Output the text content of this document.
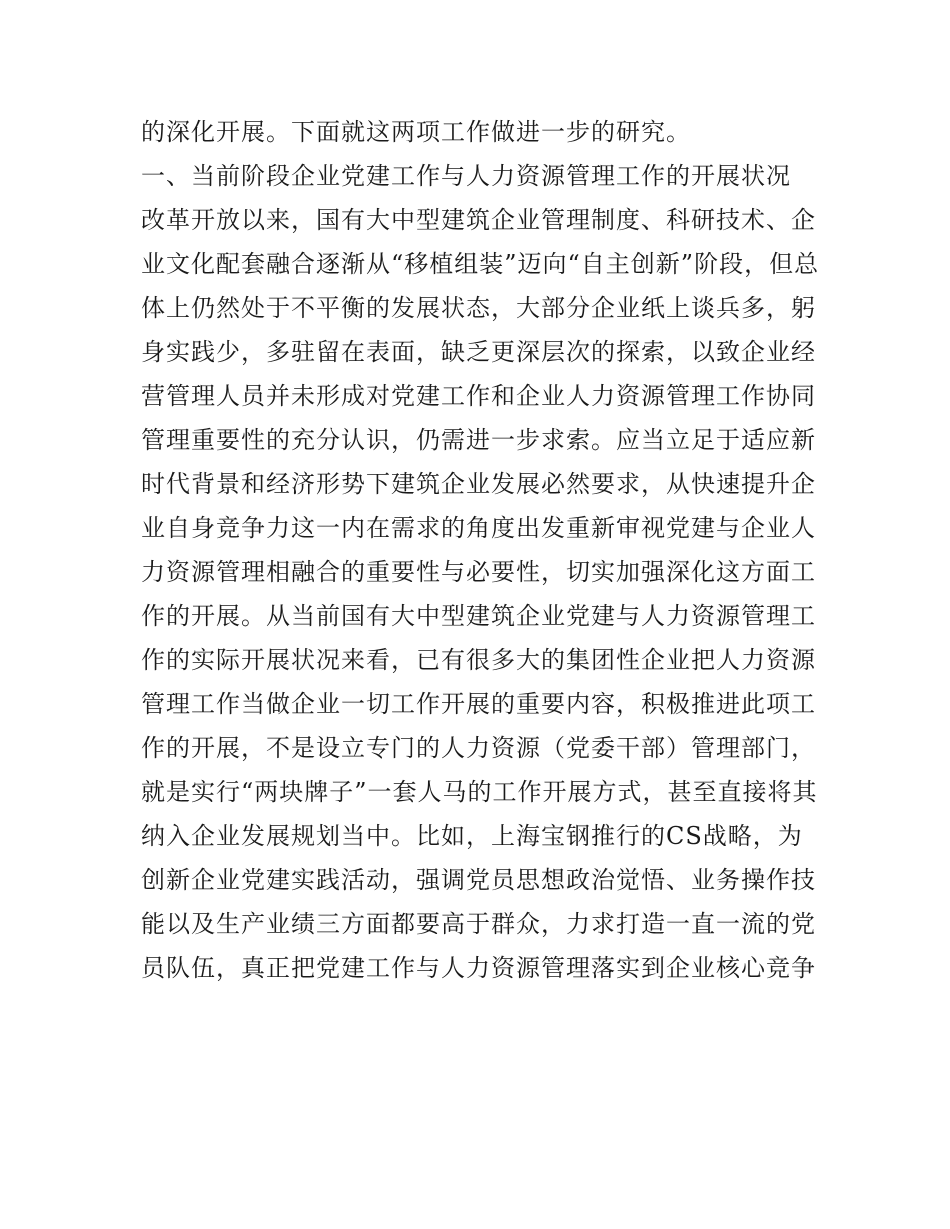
的深化开展。下面就这两项工作做进一步的研究。
一、当前阶段企业党建工作与人力资源管理工作的开展状况
改革开放以来，国有大中型建筑企业管理制度、科研技术、企
业文化配套融合逐渐从“移植组装”迈向“自主创新”阶段，但总
体上仍然处于不平衡的发展状态，大部分企业纸上谈兵多，躬
身实践少，多驻留在表面，缺乏更深层次的探索，以致企业经
营管理人员并未形成对党建工作和企业人力资源管理工作协同
管理重要性的充分认识，仍需进一步求索。应当立足于适应新
时代背景和经济形势下建筑企业发展必然要求，从快速提升企
业自身竞争力这一内在需求的角度出发重新审视党建与企业人
力资源管理相融合的重要性与必要性，切实加强深化这方面工
作的开展。从当前国有大中型建筑企业党建与人力资源管理工
作的实际开展状况来看，已有很多大的集团性企业把人力资源
管理工作当做企业一切工作开展的重要内容，积极推进此项工
作的开展，不是设立专门的人力资源（党委干部）管理部门，
就是实行“两块牌子”一套人马的工作开展方式，甚至直接将其
纳入企业发展规划当中。比如，上海宝钢推行的CS战略，为
创新企业党建实践活动，强调党员思想政治觉悟、业务操作技
能以及生产业绩三方面都要高于群众，力求打造一直一流的党
员队伍，真正把党建工作与人力资源管理落实到企业核心竞争
